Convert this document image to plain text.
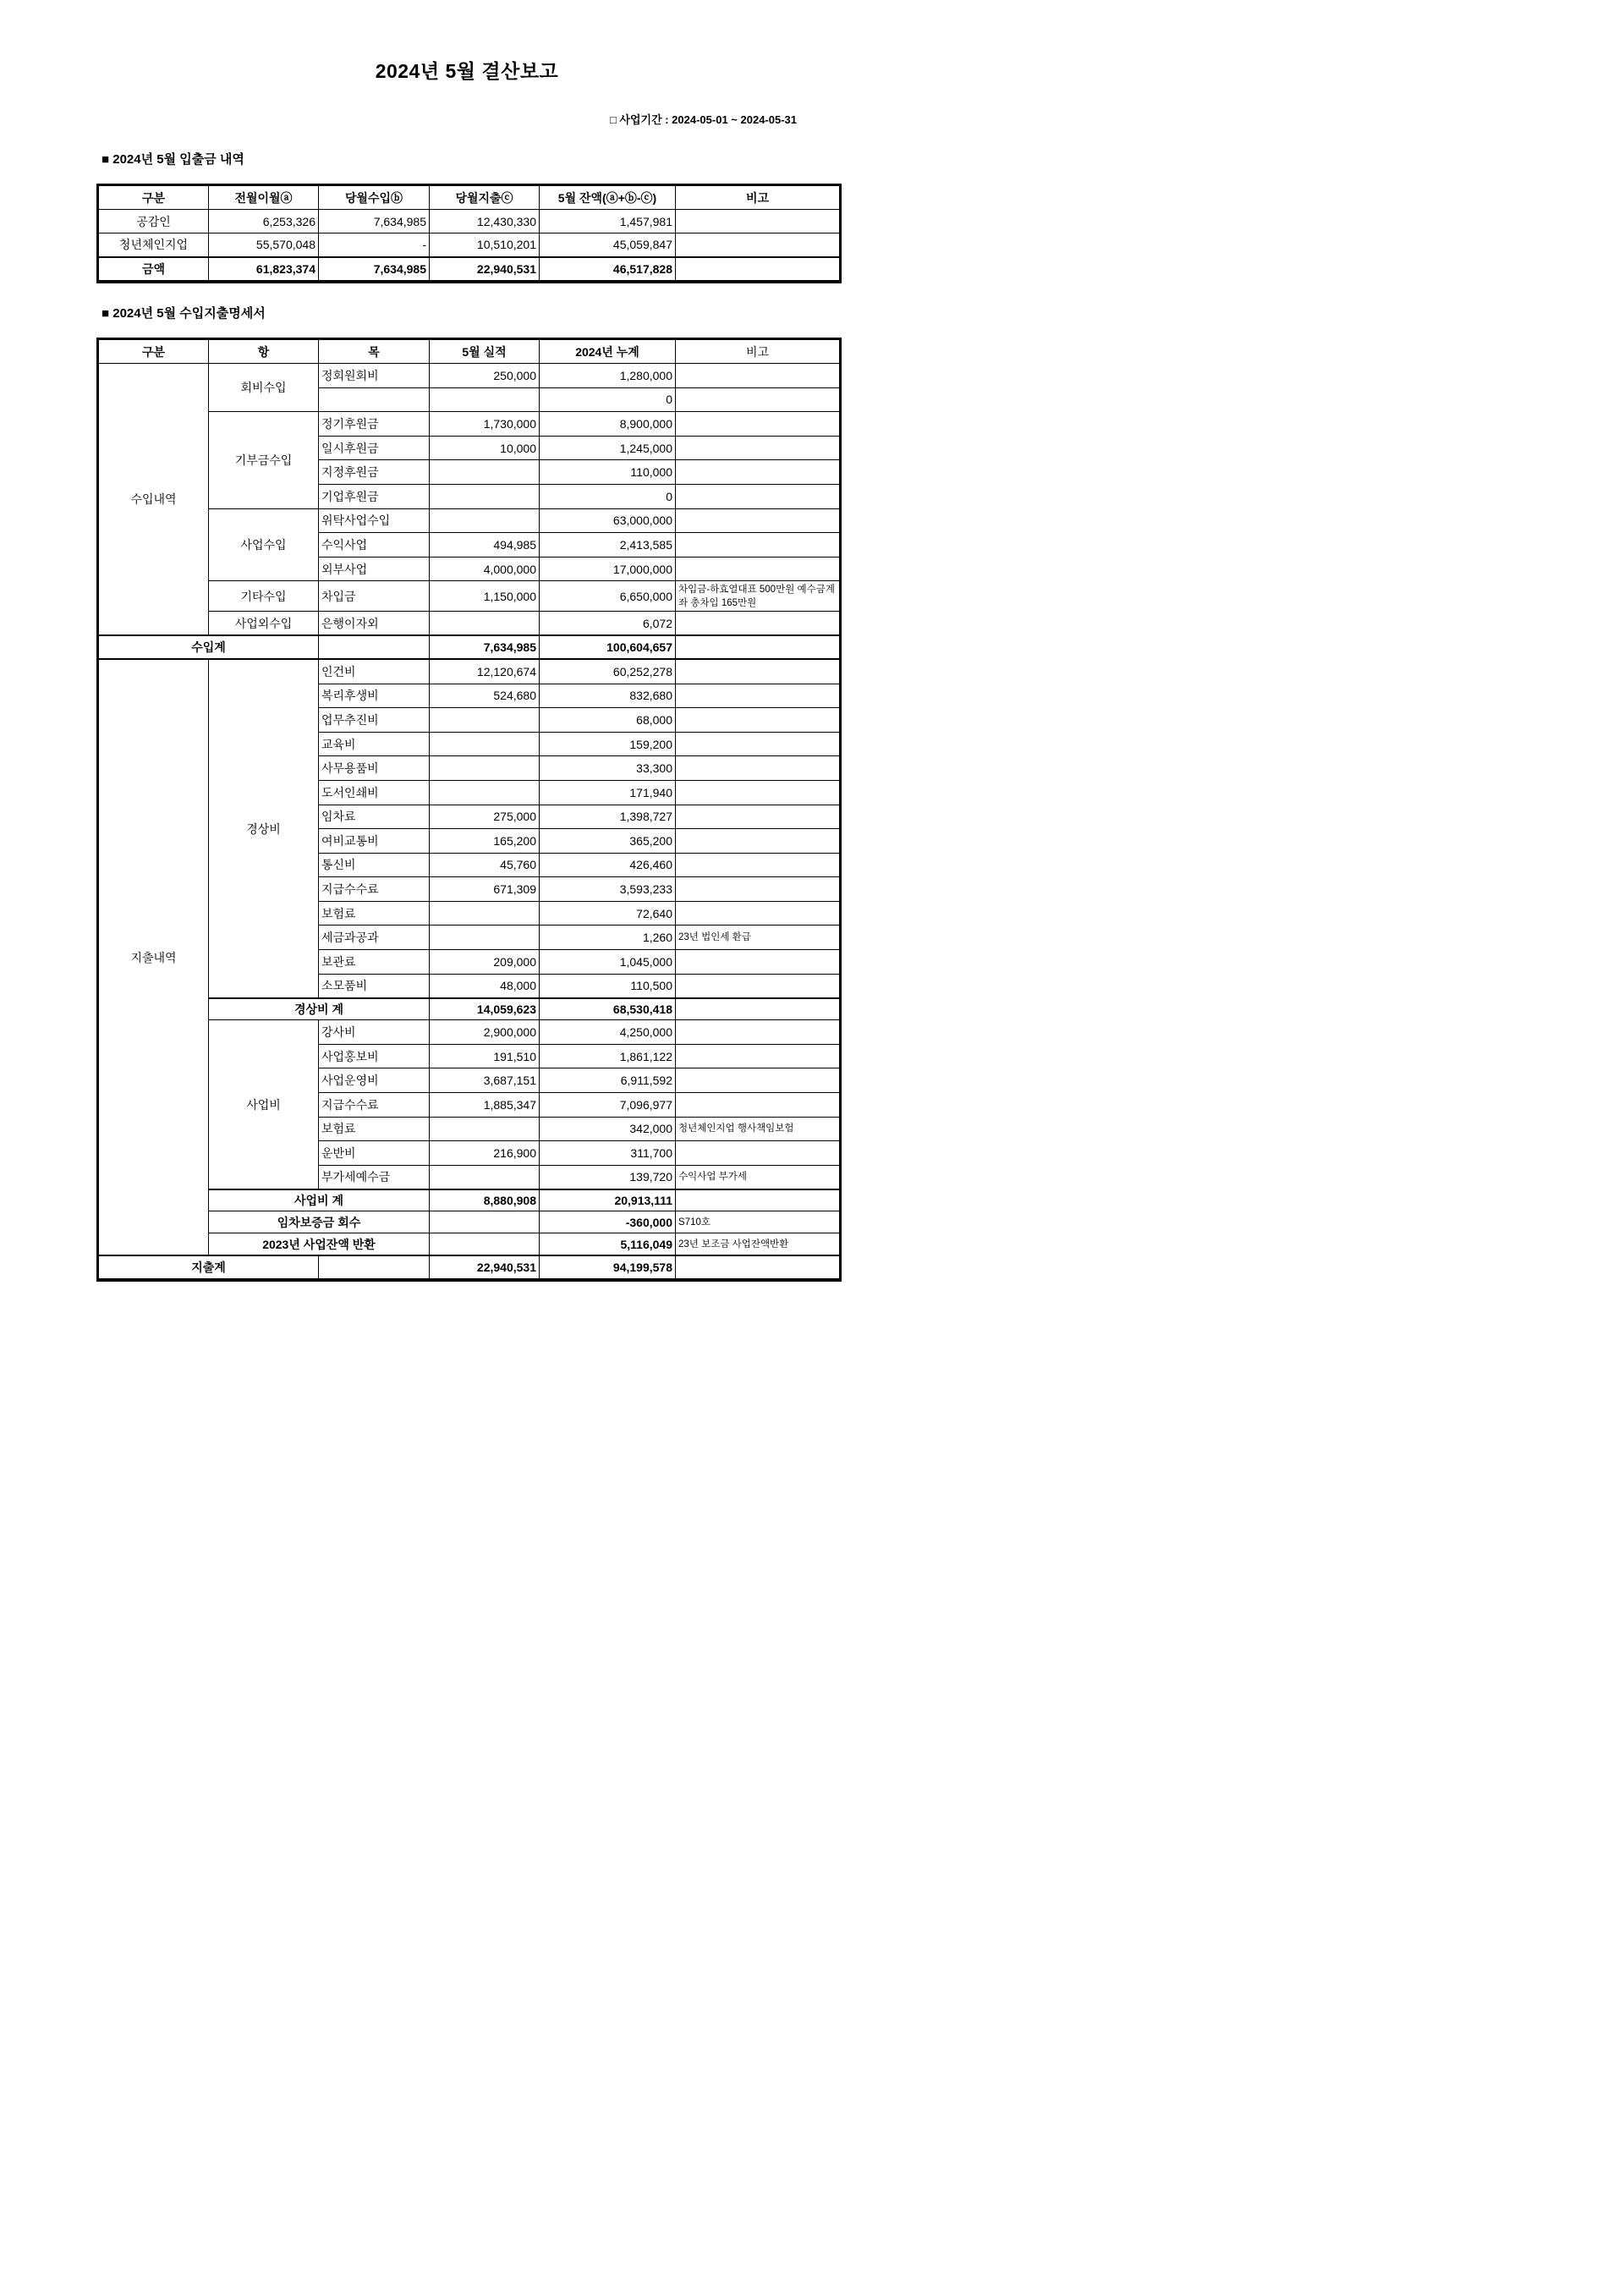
2024년 5월 결산보고
□ 사업기간 : 2024-05-01 ~ 2024-05-31
■ 2024년 5월 입출금 내역
구분	전월이월ⓐ	당월수입ⓑ	당월지출ⓒ	5월 잔액(ⓐ+ⓑ-ⓒ)	비고
공감인	6,253,326	7,634,985	12,430,330	1,457,981	
청년체인지업	55,570,048	-	10,510,201	45,059,847	
금액	61,823,374	7,634,985	22,940,531	46,517,828	
■ 2024년 5월 수입지출명세서
구분	항	목	5월 실적	2024년 누계	비고
수입내역	회비수입	정회원회비	250,000	1,280,000	
				0	
	기부금수입	정기후원금	1,730,000	8,900,000	
		일시후원금	10,000	1,245,000	
		지정후원금		110,000	
		기업후원금		0	
	사업수입	위탁사업수입		63,000,000	
		수익사업	494,985	2,413,585	
		외부사업	4,000,000	17,000,000	
	기타수입	차입금	1,150,000	6,650,000	차입금-하효열대표 500만원 예수금계좌 총차입 165만원
	사업외수입	은행이자외		6,072	
수입계			7,634,985	100,604,657	
지출내역	경상비	인건비	12,120,674	60,252,278	
		복리후생비	524,680	832,680	
		업무추진비		68,000	
		교육비		159,200	
		사무용품비		33,300	
		도서인쇄비		171,940	
		임차료	275,000	1,398,727	
		여비교통비	165,200	365,200	
		통신비	45,760	426,460	
		지급수수료	671,309	3,593,233	
		보험료		72,640	
		세금과공과		1,260	23년 법인세 환급
		보관료	209,000	1,045,000	
		소모품비	48,000	110,500	
	경상비 계		14,059,623	68,530,418	
	사업비	강사비	2,900,000	4,250,000	
		사업홍보비	191,510	1,861,122	
		사업운영비	3,687,151	6,911,592	
		지급수수료	1,885,347	7,096,977	
		보험료		342,000	청년체인지업 행사책임보험
		운반비	216,900	311,700	
		부가세예수금		139,720	수익사업 부가세
	사업비 계		8,880,908	20,913,111	
	임차보증금 회수			-360,000	S710호
	2023년 사업잔액 반환			5,116,049	23년 보조금 사업잔액반환
지출계			22,940,531	94,199,578	
